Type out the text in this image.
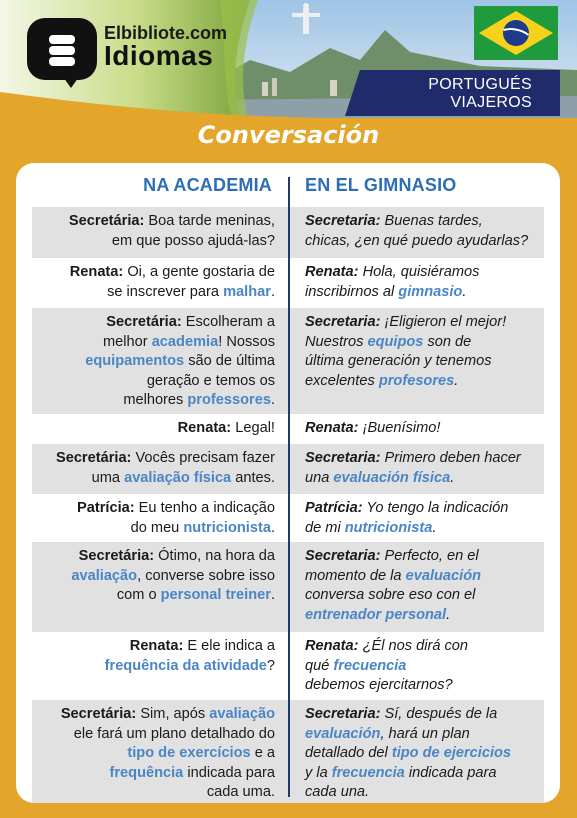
Elbibliote.com
Idiomas
PORTUGUÉS
VIAJEROS
Conversación
NA ACADEMIA EN EL GIMNASIO
Secretária: Boa tarde meninas,
em que posso ajudá-las?
Secretaria: Buenas tardes,
chicas, ¿en qué puedo ayudarlas?
Renata: Oi, a gente gostaria de
se inscrever para malhar.
Renata: Hola, quisiéramos
inscribirnos al gimnasio.
Secretária: Escolheram a
melhor academia! Nossos
equipamentos são de última
geração e temos os
melhores professores.
Secretaria: ¡Eligieron el mejor!
Nuestros equipos son de
última generación y tenemos
excelentes profesores.
Renata: Legal! Renata: ¡Buenísimo!
Secretária: Vocês precisam fazer
uma avaliação física antes.
Secretaria: Primero deben hacer
una evaluación física.
Patrícia: Eu tenho a indicação
do meu nutricionista.
Patrícia: Yo tengo la indicación
de mi nutricionista.
Secretária: Ótimo, na hora da
avaliação, converse sobre isso
com o personal treiner.
Secretaria: Perfecto, en el
momento de la evaluación
conversa sobre eso con el
entrenador personal.
Renata: E ele indica a
frequência da atividade?
Renata: ¿Él nos dirá con
qué frecuencia
debemos ejercitarnos?
Secretária: Sim, após avaliação
ele fará um plano detalhado do
tipo de exercícios e a
frequência indicada para
cada uma.
Secretaria: Sí, después de la
evaluación, hará un plan
detallado del tipo de ejercicios
y la frecuencia indicada para
cada una.
